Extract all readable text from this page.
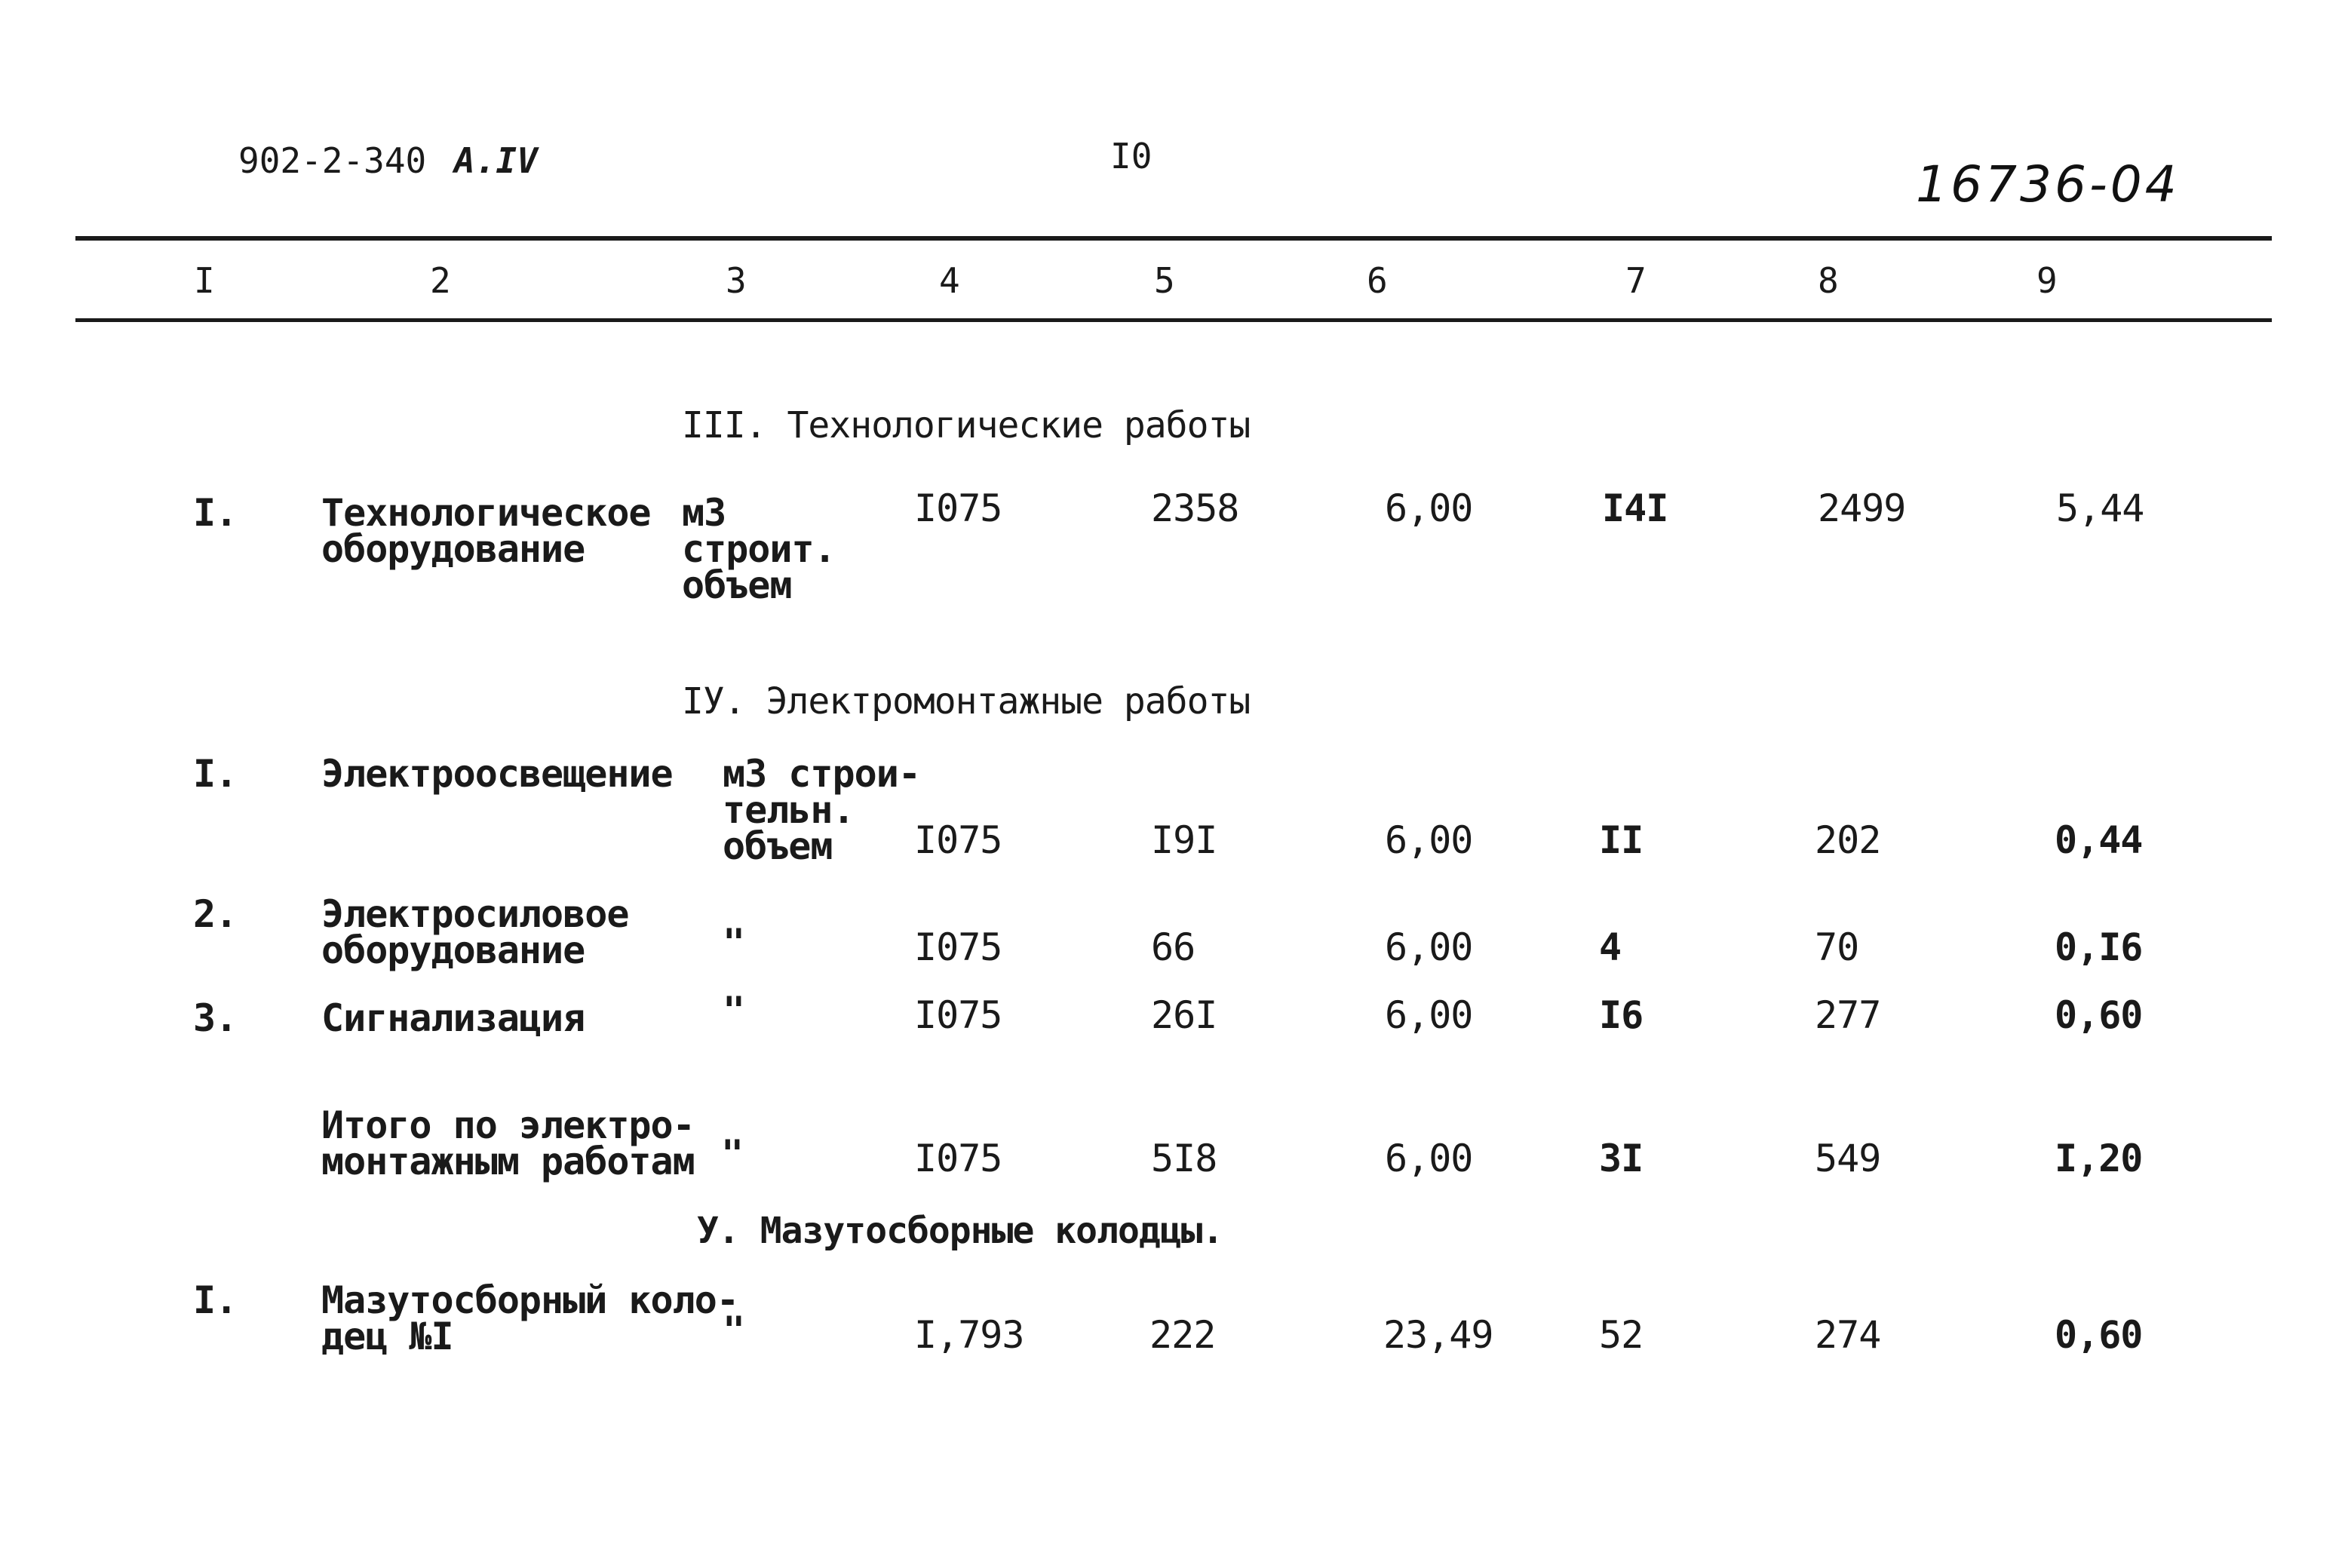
902-2-340 А.IV	I0	16736-04
I	2	3	4	5	6	7	8	9
III. Технологические работы
I. Технологическое
оборудование
м3
строит.
объем
I075	2358	6,00	I4I	2499	5,44
IУ. Электромонтажные работы
I. Электроосвещение м3 строи-
тельн.
объем	I075	I9I	6,00	II	202	0,44
2. Электросиловое
оборудование	"	I075	66	6,00	4	70	0,I6
3. Сигнализация	"	I075	26I	6,00	I6	277	0,60
Итого по электро-
монтажным работам "	I075	5I8	6,00	3I	549	I,20
У. Мазутосборные колодцы.
I. Мазутосборный коло-
дец №I	"	I,793	222	23,49	52	274	0,60
